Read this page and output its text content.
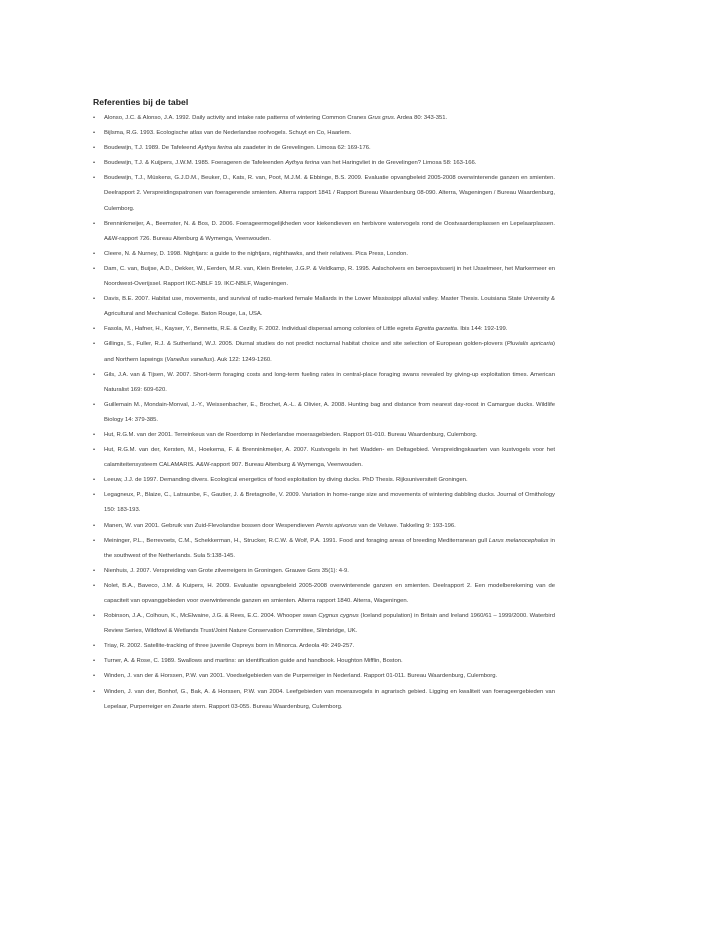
Referenties bij de tabel
• Alonso, J.C. & Alonso, J.A. 1992. Daily activity and intake rate patterns of wintering Common Cranes Grus grus. Ardea 80: 343-351.
• Bijlsma, R.G. 1993. Ecologische atlas van de Nederlandse roofvogels. Schuyt en Co, Haarlem.
• Boudewijn, T.J. 1989. De Tafeleend Aythya ferina als zaadeter in de Grevelingen. Limosa 62: 169-176.
• Boudewijn, T.J. & Kuijpers, J.W.M. 1985. Foerageren de Tafeleenden Aythya ferina van het Haringvliet in de Grevelingen? Limosa 58: 163-166.
• Boudewijn, T.J., Müskens, G.J.D.M., Beuker, D., Kats, R. van, Poot, M.J.M. & Ebbinge, B.S. 2009. Evaluatie opvangbeleid 2005-2008 overwinterende ganzen en smienten. Deelrapport 2. Verspreidingspatronen van foeragerende smienten. Alterra rapport 1841 / Rapport Bureau Waardenburg 08-090. Alterra, Wageningen / Bureau Waardenburg, Culemborg.
• Brenninkmeijer, A., Beemster, N. & Bos, D. 2006. Foerageermogelijkheden voor kiekendieven en herbivore watervogels rond de Oostvaardersplassen en Lepelaarplassen. A&W-rapport 726. Bureau Altenburg & Wymenga, Veenwouden.
• Cleere, N. & Nurney, D. 1998. Nightjars: a guide to the nightjars, nighthawks, and their relatives. Pica Press, London.
• Dam, C. van, Buijse, A.D., Dekker, W., Eerden, M.R. van, Klein Breteler, J.G.P. & Veldkamp, R. 1995. Aalscholvers en beroepsvisserij in het IJsselmeer, het Markermeer en Noordwest-Overijssel. Rapport IKC-NBLF 19. IKC-NBLF, Wageningen.
• Davis, B.E. 2007. Habitat use, movements, and survival of radio-marked female Mallards in the Lower Mississippi alluvial valley. Master Thesis. Louisiana State University & Agricultural and Mechanical College. Baton Rouge, La, USA.
• Fasola, M., Hafner, H., Kayser, Y., Bennetts, R.E. & Cezilly, F. 2002. Individual dispersal among colonies of Little egrets Egretta garzetta. Ibis 144: 192-199.
• Gillings, S., Fuller, R.J. & Sutherland, W.J. 2005. Diurnal studies do not predict nocturnal habitat choice and site selection of European golden-plovers (Pluvialis apricaria) and Northern lapwings (Vanellus vanellus). Auk 122: 1249-1260.
• Gils, J.A. van & Tijsen, W. 2007. Short-term foraging costs and long-term fueling rates in central-place foraging swans revealed by giving-up exploitation times. American Naturalist 169: 609-620.
• Guillemain M., Mondain-Monval, J.-Y., Weissenbacher, E., Brochet, A.-L. & Olivier, A. 2008. Hunting bag and distance from nearest day-roost in Camargue ducks. Wildlife Biology 14: 379-385.
• Hut, R.G.M. van der 2001. Terreinkeus van de Roerdomp in Nederlandse moerasgebieden. Rapport 01-010. Bureau Waardenburg, Culemborg.
• Hut, R.G.M. van der, Kersten, M., Hoekema, F. & Brenninkmeijer, A. 2007. Kustvogels in het Wadden- en Deltagebied. Verspreidingskaarten van kustvogels voor het calamiteitensysteem CALAMARIS. A&W-rapport 907. Bureau Altenburg & Wymenga, Veenwouden.
• Leeuw, J.J. de 1997. Demanding divers. Ecological energetics of food exploitation by diving ducks. PhD Thesis. Rijksuniversiteit Groningen.
• Legagneux, P., Blaize, C., Latraunbe, F., Gautier, J. & Bretagnolle, V. 2009. Variation in home-range size and movements of wintering dabbling ducks. Journal of Ornithology 150: 183-193.
• Manen, W. van 2001. Gebruik van Zuid-Flevolandse bossen door Wespendieven Pernis apivorus van de Veluwe. Takkeling 9: 193-196.
• Meininger, P.L., Berrevoets, C.M., Schekkerman, H., Strucker, R.C.W. & Wolf, P.A. 1991. Food and foraging areas of breeding Mediterranean gull Larus melanocephalus in the southwest of the Netherlands. Sula 5:138-145.
• Nienhuis, J. 2007. Verspreiding van Grote zilverreigers in Groningen. Grauwe Gors 35(1): 4-9.
• Nolet, B.A., Baveco, J.M. & Kuipers, H. 2009. Evaluatie opvangbeleid 2005-2008 overwinterende ganzen en smienten. Deelrapport 2. Een modelberekening van de capaciteit van opvanggebieden voor overwinterende ganzen en smienten. Alterra rapport 1840. Alterra, Wageningen.
• Robinson, J.A., Colhoun, K., McElwaine, J.G. & Rees, E.C. 2004. Whooper swan Cygnus cygnus (Iceland population) in Britain and Ireland 1960/61 – 1999/2000. Waterbird Review Series, Wildfowl & Wetlands Trust/Joint Nature Conservation Committee, Slimbridge, UK.
• Triay, R. 2002. Satellite-tracking of three juvenile Ospreys born in Minorca. Ardeola 49: 249-257.
• Turner, A. & Rose, C. 1989. Swallows and martins: an identification guide and handbook. Houghton Mifflin, Boston.
• Winden, J. van der & Horssen, P.W. van 2001. Voedselgebieden van de Purperreiger in Nederland. Rapport 01-011. Bureau Waardenburg, Culemborg.
• Winden, J. van der, Bonhof, G., Bak, A. & Horssen, P.W. van 2004. Leefgebieden van moerasvogels in agrarisch gebied. Ligging en kwaliteit van foerageergebieden van Lepelaar, Purperreiger en Zwarte stern. Rapport 03-055. Bureau Waardenburg, Culemborg.
